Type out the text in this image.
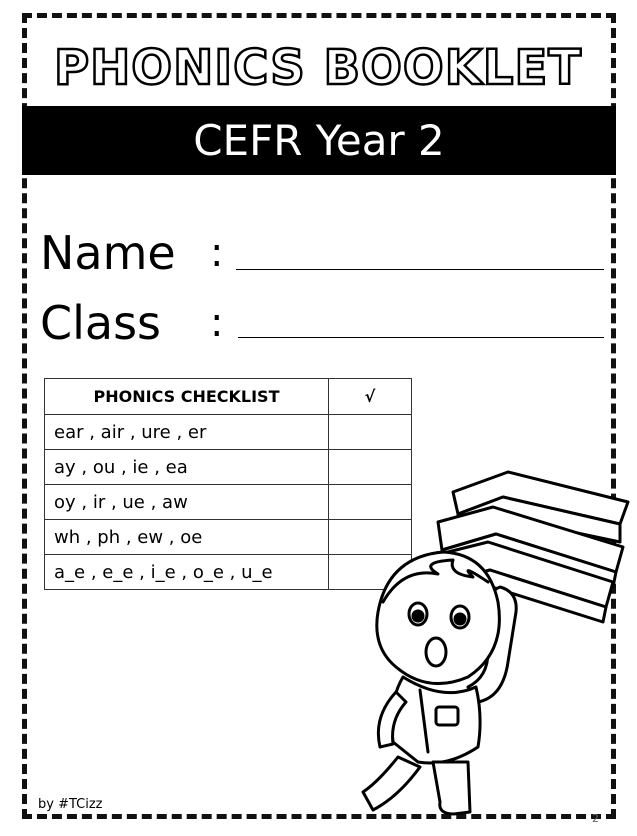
PHONICS BOOKLET
CEFR Year 2
Name :
Class :
PHONICS CHECKLIST	√
ear , air , ure , er	
ay , ou , ie , ea	
oy , ir , ue , aw	
wh , ph , ew , oe	
a_e , e_e , i_e , o_e , u_e	
by #TCizz
2
